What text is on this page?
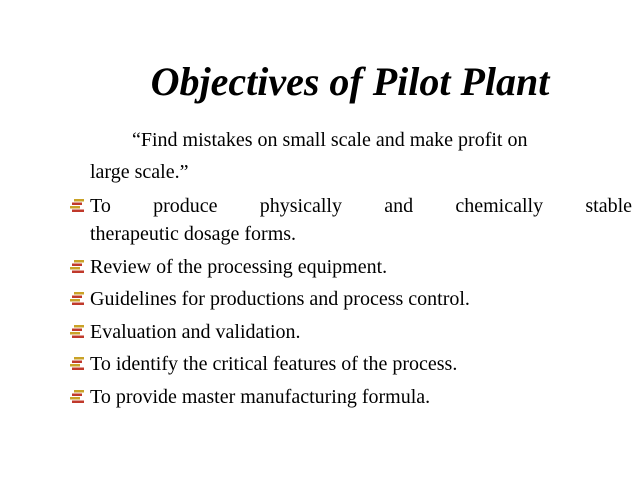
Objectives of Pilot Plant

“Find mistakes on small scale and make profit on

large scale.”
To produce physically and chemically stable
therapeutic dosage forms.
Review of the processing equipment.
Guidelines for productions and process control.
Evaluation and validation.
To identify the critical features of the process.
To provide master manufacturing formula.
